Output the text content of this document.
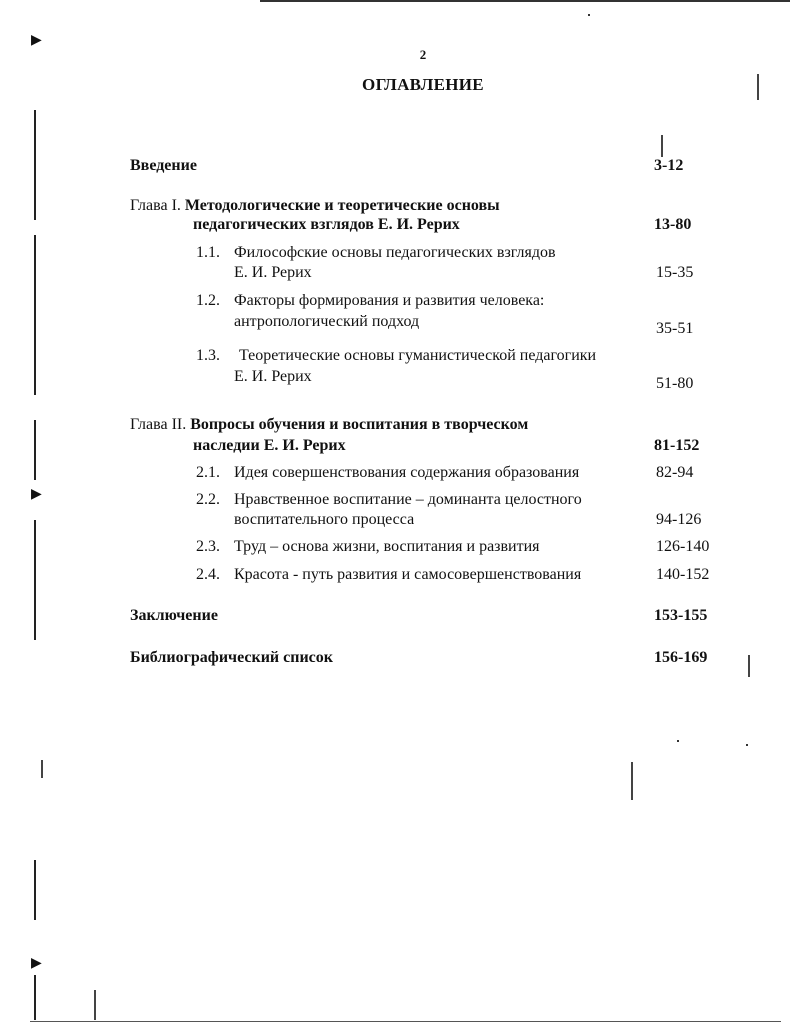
▶
▶
▶
2
ОГЛАВЛЕНИЕ
Введение	3-12
Глава I. Методологические и теоретические основы
педагогических взглядов Е. И. Рерих	13-80
1.1. Философские основы педагогических взглядов
Е. И. Рерих	15-35
1.2. Факторы формирования и развития человека:
антропологический подход	35-51
1.3. Теоретические основы гуманистической педагогики
Е. И. Рерих	51-80
Глава II. Вопросы обучения и воспитания в творческом
наследии Е. И. Рерих	81-152
2.1. Идея совершенствования содержания образования	82-94
2.2. Нравственное воспитание – доминанта целостного
воспитательного процесса	94-126
2.3. Труд – основа жизни, воспитания и развития	126-140
2.4. Красота - путь развития и самосовершенствования	140-152
Заключение	153-155
Библиографический список	156-169
